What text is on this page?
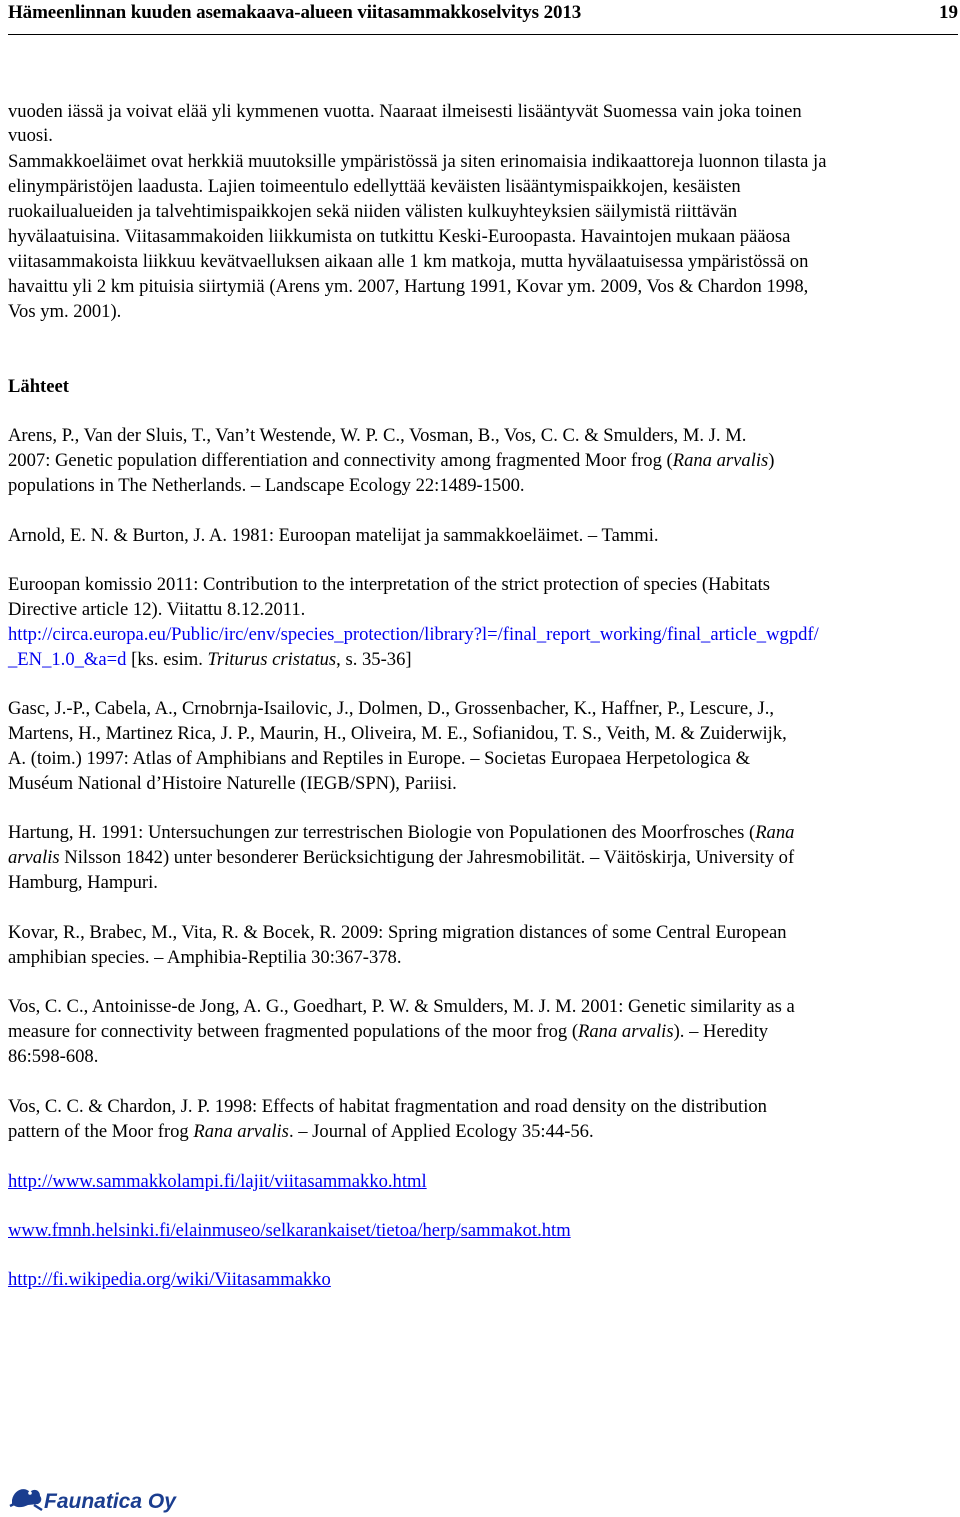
Hämeenlinnan kuuden asemakaava-alueen viitasammakkoselvitys 2013	19
vuoden iässä ja voivat elää yli kymmenen vuotta. Naaraat ilmeisesti lisääntyvät Suomessa vain joka toinen
vuosi.
Sammakkoeläimet ovat herkkiä muutoksille ympäristössä ja siten erinomaisia indikaattoreja luonnon tilasta ja
elinympäristöjen laadusta. Lajien toimeentulo edellyttää keväisten lisääntymispaikkojen, kesäisten
ruokailualueiden ja talvehtimispaikkojen sekä niiden välisten kulkuyhteyksien säilymistä riittävän
hyvälaatuisina. Viitasammakoiden liikkumista on tutkittu Keski-Euroopasta. Havaintojen mukaan pääosa
viitasammakoista liikkuu kevätvaelluksen aikaan alle 1 km matkoja, mutta hyvälaatuisessa ympäristössä on
havaittu yli 2 km pituisia siirtymiä (Arens ym. 2007, Hartung 1991, Kovar ym. 2009, Vos & Chardon 1998,
Vos ym. 2001).
Lähteet
Arens, P., Van der Sluis, T., Van’t Westende, W. P. C., Vosman, B., Vos, C. C. & Smulders, M. J. M.
2007: Genetic population differentiation and connectivity among fragmented Moor frog (Rana arvalis)
populations in The Netherlands. – Landscape Ecology 22:1489-1500.
Arnold, E. N. & Burton, J. A. 1981: Euroopan matelijat ja sammakkoeläimet. – Tammi.
Euroopan komissio 2011: Contribution to the interpretation of the strict protection of species (Habitats
Directive article 12). Viitattu 8.12.2011.
http://circa.europa.eu/Public/irc/env/species_protection/library?l=/final_report_working/final_article_wgpdf/
_EN_1.0_&a=d [ks. esim. Triturus cristatus, s. 35-36]
Gasc, J.-P., Cabela, A., Crnobrnja-Isailovic, J., Dolmen, D., Grossenbacher, K., Haffner, P., Lescure, J.,
Martens, H., Martinez Rica, J. P., Maurin, H., Oliveira, M. E., Sofianidou, T. S., Veith, M. & Zuiderwijk,
A. (toim.) 1997: Atlas of Amphibians and Reptiles in Europe. – Societas Europaea Herpetologica &
Muséum National d’Histoire Naturelle (IEGB/SPN), Pariisi.
Hartung, H. 1991: Untersuchungen zur terrestrischen Biologie von Populationen des Moorfrosches (Rana
arvalis Nilsson 1842) unter besonderer Berücksichtigung der Jahresmobilität. – Väitöskirja, University of
Hamburg, Hampuri.
Kovar, R., Brabec, M., Vita, R. & Bocek, R. 2009: Spring migration distances of some Central European
amphibian species. – Amphibia-Reptilia 30:367-378.
Vos, C. C., Antoinisse-de Jong, A. G., Goedhart, P. W. & Smulders, M. J. M. 2001: Genetic similarity as a
measure for connectivity between fragmented populations of the moor frog (Rana arvalis). – Heredity
86:598-608.
Vos, C. C. & Chardon, J. P. 1998: Effects of habitat fragmentation and road density on the distribution
pattern of the Moor frog Rana arvalis. – Journal of Applied Ecology 35:44-56.
http://www.sammakkolampi.fi/lajit/viitasammakko.html
www.fmnh.helsinki.fi/elainmuseo/selkarankaiset/tietoa/herp/sammakot.htm
http://fi.wikipedia.org/wiki/Viitasammakko
Faunatica Oy
